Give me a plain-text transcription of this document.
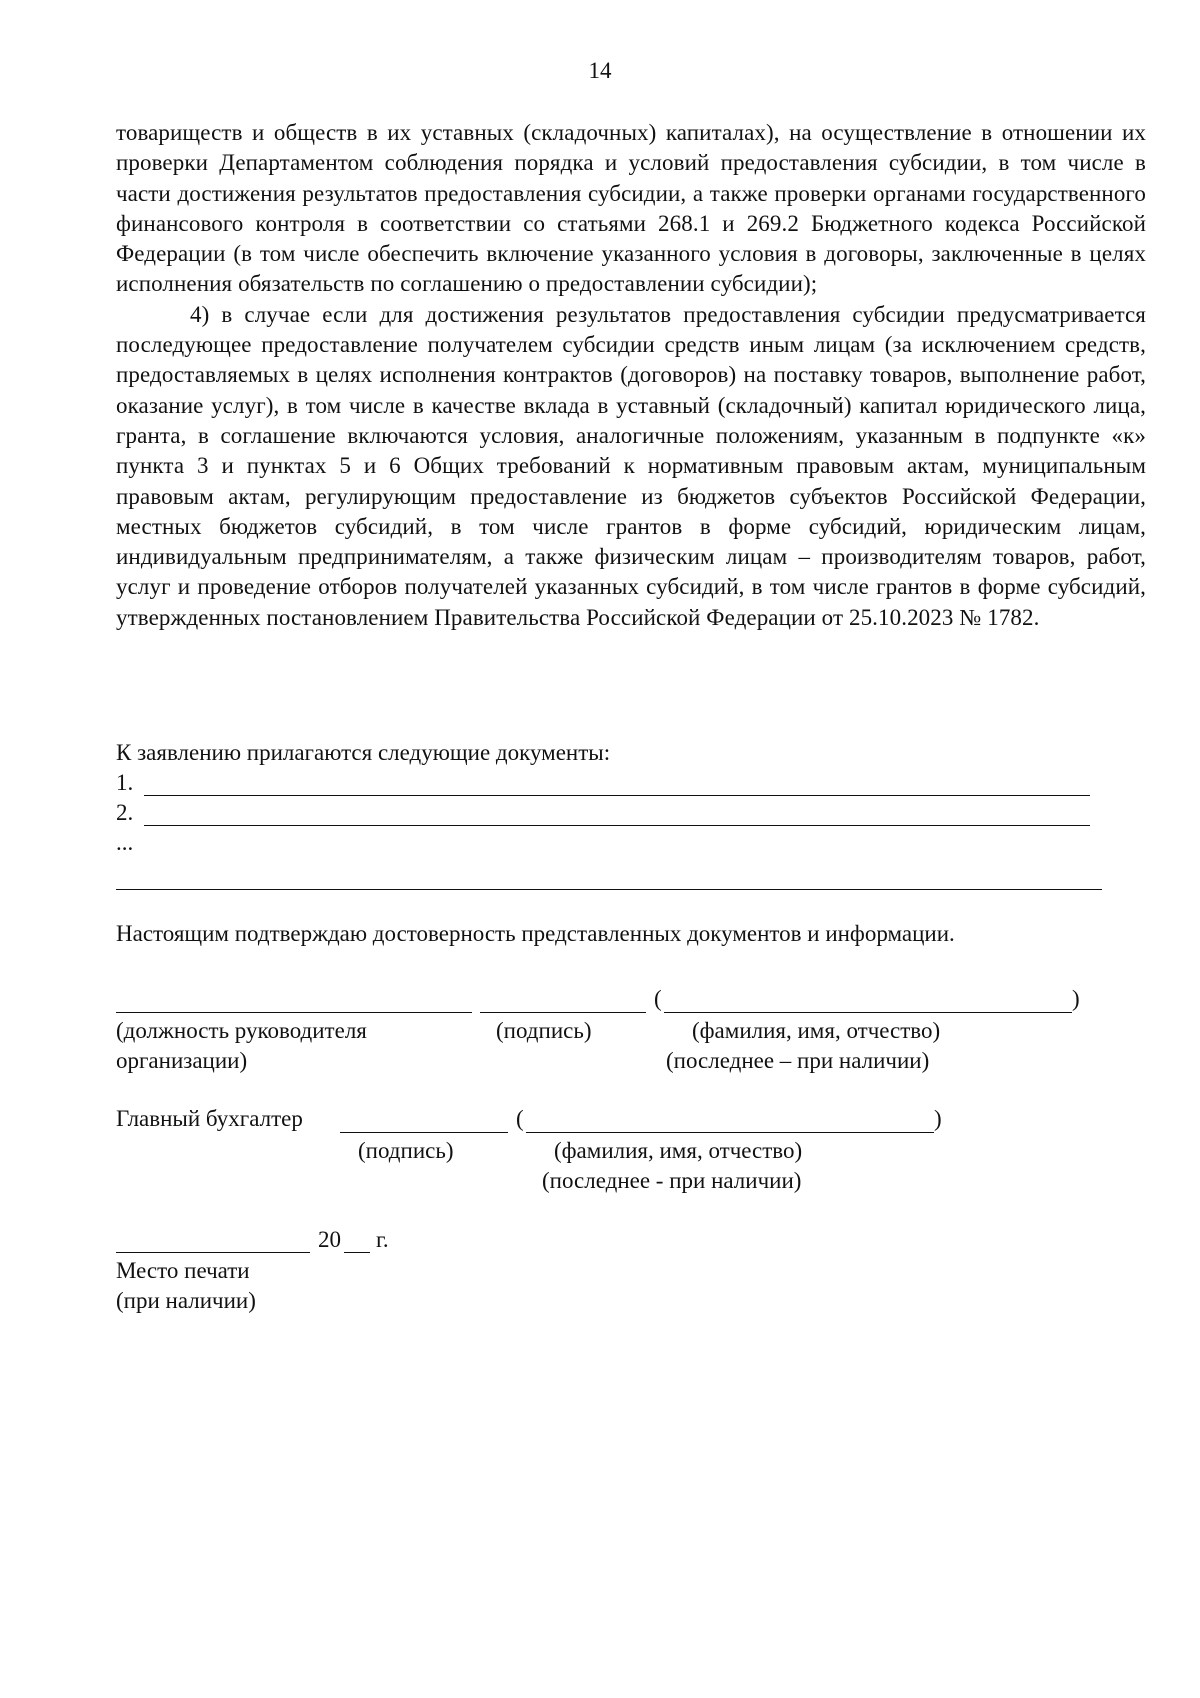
14

товариществ и обществ в их уставных (складочных) капиталах), на осуществление в отношении их проверки Департаментом соблюдения порядка и условий предоставления субсидии, в том числе в части достижения результатов предоставления субсидии, а также проверки органами государственного финансового контроля в соответствии со статьями 268.1 и 269.2 Бюджетного кодекса Российской Федерации (в том числе обеспечить включение указанного условия в договоры, заключенные в целях исполнения обязательств по соглашению о предоставлении субсидии);

4) в случае если для достижения результатов предоставления субсидии предусматривается последующее предоставление получателем субсидии средств иным лицам (за исключением средств, предоставляемых в целях исполнения контрактов (договоров) на поставку товаров, выполнение работ, оказание услуг), в том числе в качестве вклада в уставный (складочный) капитал юридического лица, гранта, в соглашение включаются условия, аналогичные положениям, указанным в подпункте «к» пункта 3 и пунктах 5 и 6 Общих требований к нормативным правовым актам, муниципальным правовым актам, регулирующим предоставление из бюджетов субъектов Российской Федерации, местных бюджетов субсидий, в том числе грантов в форме субсидий, юридическим лицам, индивидуальным предпринимателям, а также физическим лицам – производителям товаров, работ, услуг и проведение отборов получателей указанных субсидий, в том числе грантов в форме субсидий, утвержденных постановлением Правительства Российской Федерации от 25.10.2023 № 1782.

К заявлению прилагаются следующие документы:
1.
2.
...
Настоящим подтверждаю достоверность представленных документов и информации.
(	)
(должность руководителя
организации)
(подпись)	(фамилия, имя, отчество)
(последнее – при наличии)
Главный бухгалтер	(	)
(подпись)	(фамилия, имя, отчество)
(последнее - при наличии)
20 г.
Место печати
(при наличии)
